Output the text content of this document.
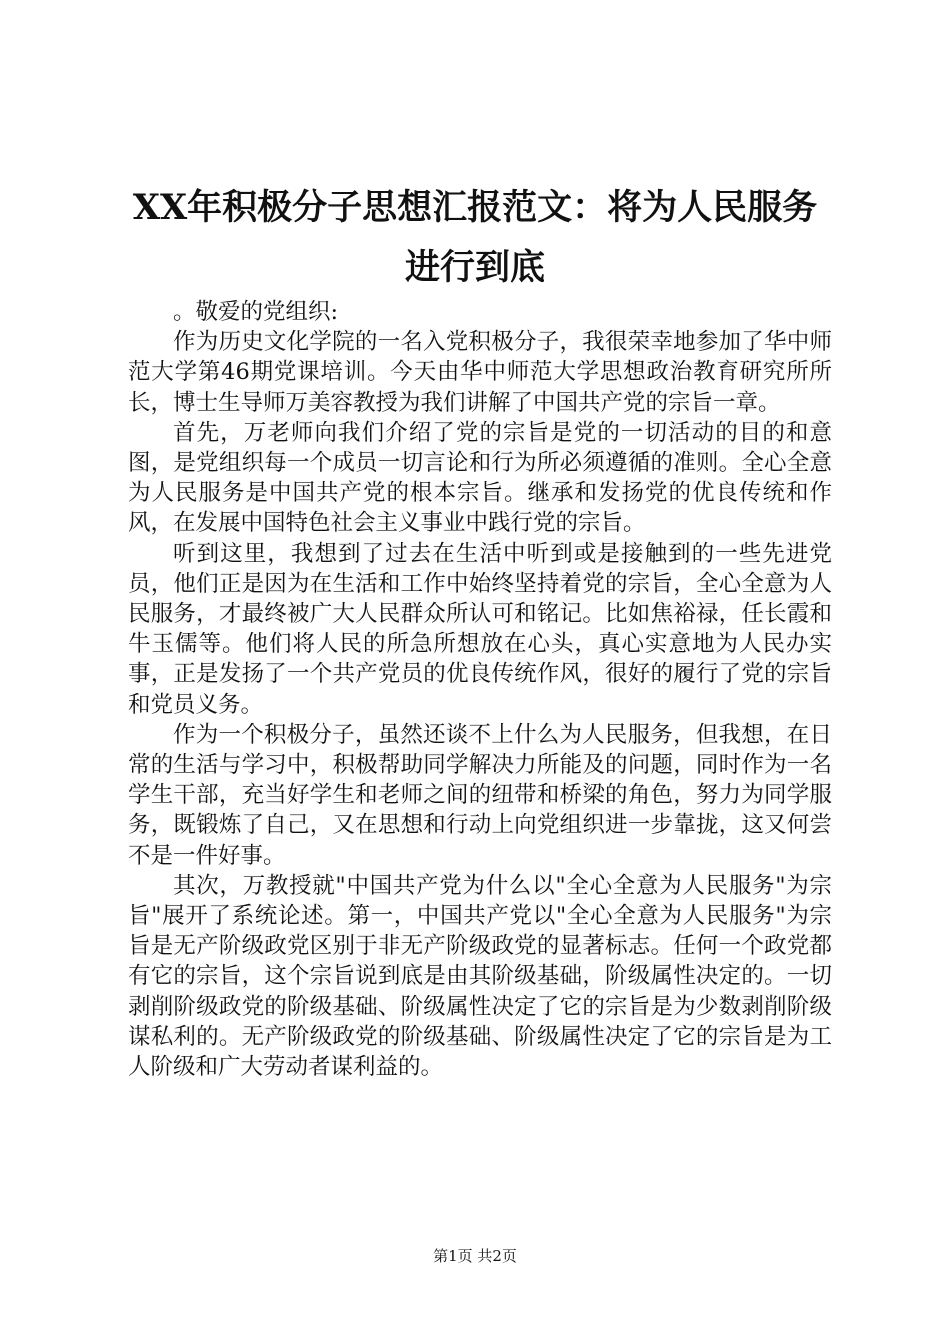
XX年积极分子思想汇报范文：将为人民服务
进行到底

。敬爱的党组织:

作为历史文化学院的一名入党积极分子，我很荣幸地参加了华中师范大学第46期党课培训。今天由华中师范大学思想政治教育研究所所长，博士生导师万美容教授为我们讲解了中国共产党的宗旨一章。

首先，万老师向我们介绍了党的宗旨是党的一切活动的目的和意图，是党组织每一个成员一切言论和行为所必须遵循的准则。全心全意为人民服务是中国共产党的根本宗旨。继承和发扬党的优良传统和作风，在发展中国特色社会主义事业中践行党的宗旨。

听到这里，我想到了过去在生活中听到或是接触到的一些先进党员，他们正是因为在生活和工作中始终坚持着党的宗旨，全心全意为人民服务，才最终被广大人民群众所认可和铭记。比如焦裕禄，任长霞和牛玉儒等。他们将人民的所急所想放在心头，真心实意地为人民办实事，正是发扬了一个共产党员的优良传统作风，很好的履行了党的宗旨和党员义务。

作为一个积极分子，虽然还谈不上什么为人民服务，但我想，在日常的生活与学习中，积极帮助同学解决力所能及的问题，同时作为一名学生干部，充当好学生和老师之间的纽带和桥梁的角色，努力为同学服务，既锻炼了自己，又在思想和行动上向党组织进一步靠拢，这又何尝不是一件好事。

其次，万教授就"中国共产党为什么以"全心全意为人民服务"为宗旨"展开了系统论述。第一，中国共产党以"全心全意为人民服务"为宗旨是无产阶级政党区别于非无产阶级政党的显著标志。任何一个政党都有它的宗旨，这个宗旨说到底是由其阶级基础，阶级属性决定的。一切剥削阶级政党的阶级基础、阶级属性决定了它的宗旨是为少数剥削阶级谋私利的。无产阶级政党的阶级基础、阶级属性决定了它的宗旨是为工人阶级和广大劳动者谋利益的。

第1页 共2页
